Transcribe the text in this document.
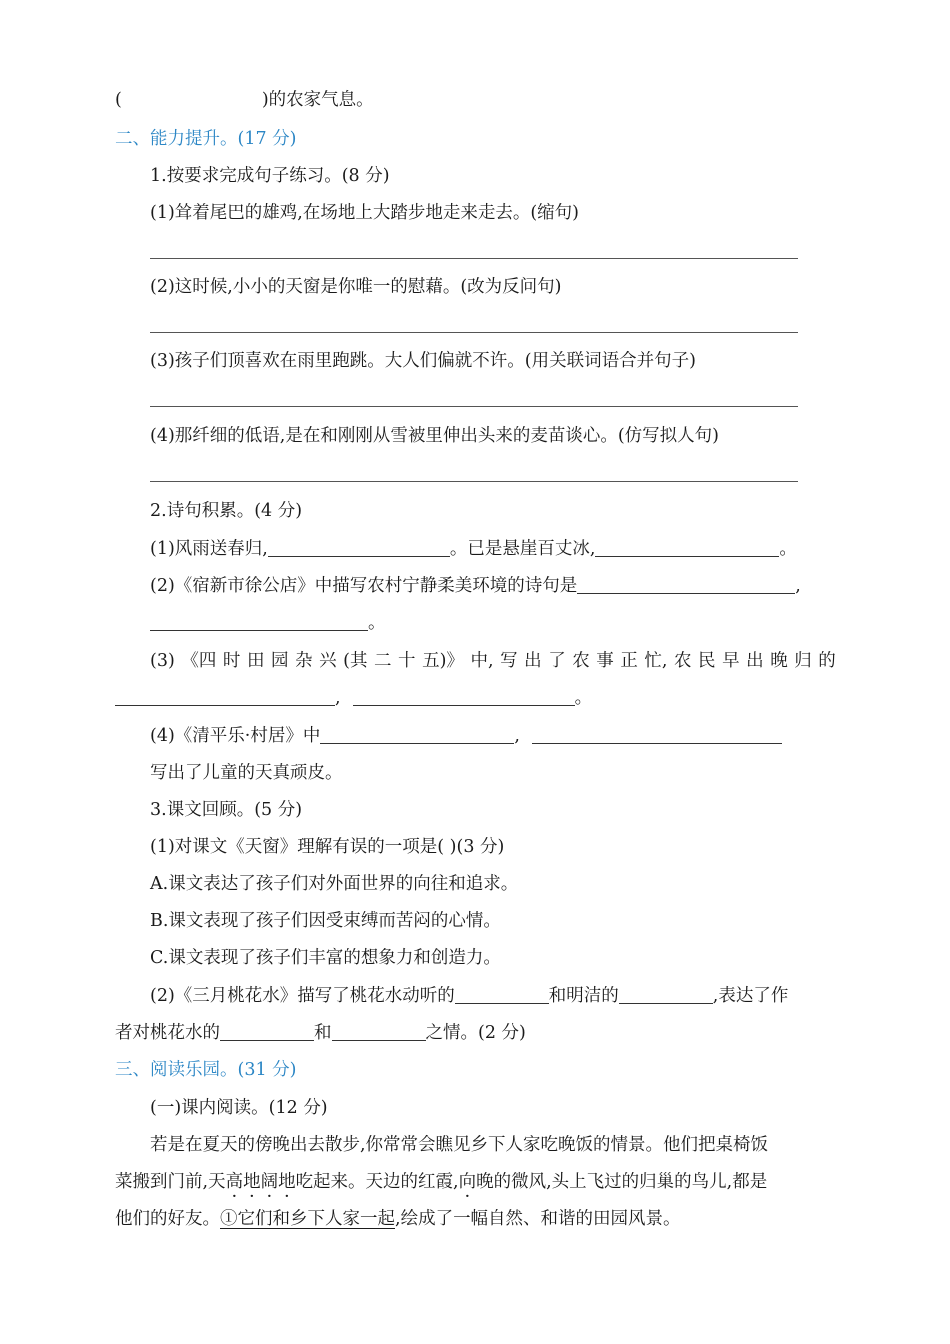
(	)的农家气息。
二、能力提升。(17 分)
1.按要求完成句子练习。(8 分)
(1)耸着尾巴的雄鸡,在场地上大踏步地走来走去。(缩句)
(2)这时候,小小的天窗是你唯一的慰藉。(改为反问句)
(3)孩子们顶喜欢在雨里跑跳。大人们偏就不许。(用关联词语合并句子)
(4)那纤细的低语,是在和刚刚从雪被里伸出头来的麦苗谈心。(仿写拟人句)
2.诗句积累。(4 分)
(1)风雨送春归,	。已是悬崖百丈冰,	。
(2)《宿新市徐公店》中描写农村宁静柔美环境的诗句是	,
。
(3) 《四 时 田 园 杂 兴 (其 二 十 五)》 中, 写 出 了 农 事 正 忙, 农 民 早 出 晚 归 的
,	。
(4)《清平乐·村居》中	,
写出了儿童的天真顽皮。
3.课文回顾。(5 分)
(1)对课文《天窗》理解有误的一项是( )(3 分)
A.课文表达了孩子们对外面世界的向往和追求。
B.课文表现了孩子们因受束缚而苦闷的心情。
C.课文表现了孩子们丰富的想象力和创造力。
(2)《三月桃花水》描写了桃花水动听的	和明洁的	,表达了作
者对桃花水的	和	之情。(2 分)
三、阅读乐园。(31 分)
(一)课内阅读。(12 分)
若是在夏天的傍晚出去散步,你常常会瞧见乡下人家吃晚饭的情景。他们把桌椅饭
菜搬到门前,天高地阔地吃起来。天边的红霞,向晚的微风,头上飞过的归巢的鸟儿,都是
他们的好友。①它们和乡下人家一起,绘成了一幅自然、和谐的田园风景。
